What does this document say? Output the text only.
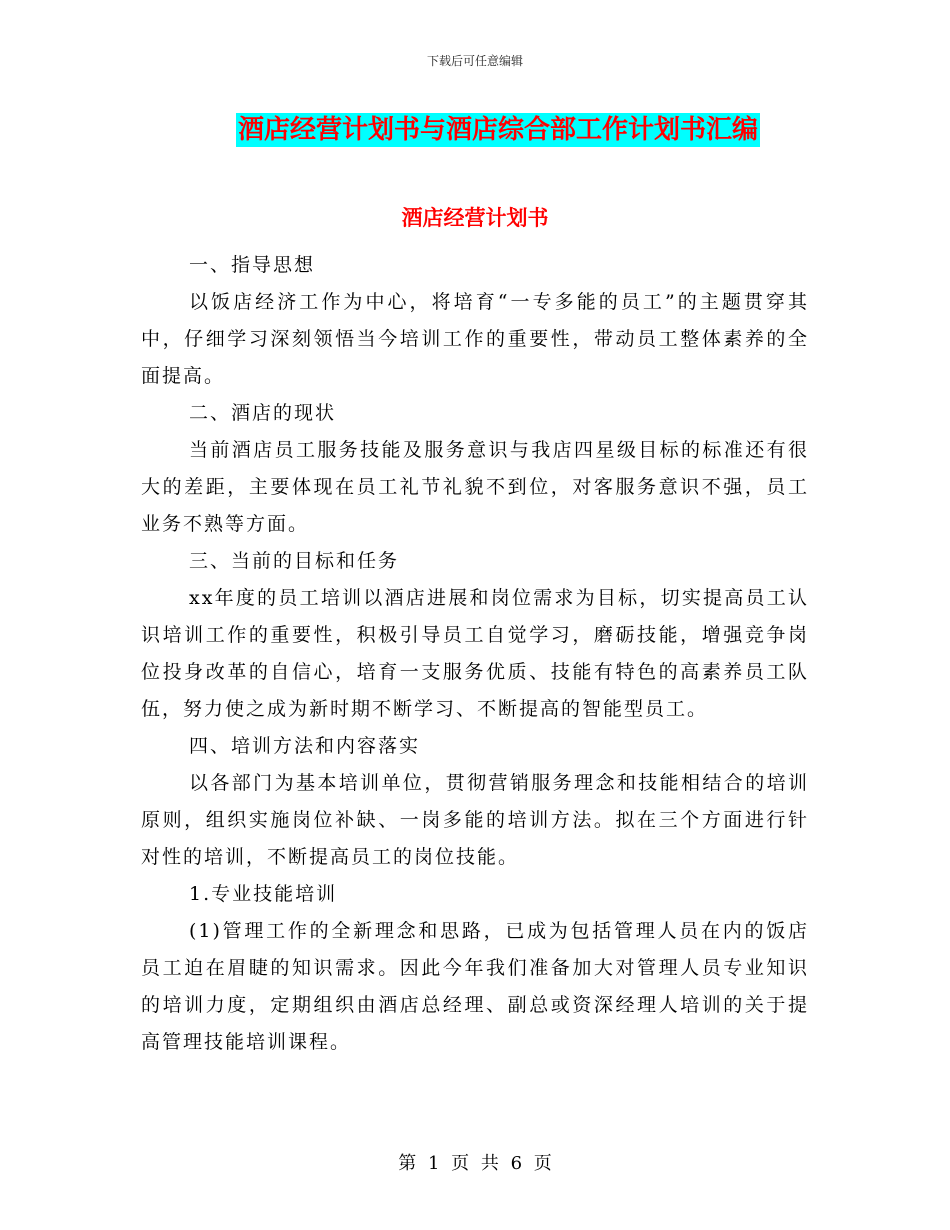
下载后可任意编辑
酒店经营计划书与酒店综合部工作计划书汇编
酒店经营计划书

一、指导思想

以饭店经济工作为中心，将培育“一专多能的员工”的主题贯穿其中，仔细学习深刻领悟当今培训工作的重要性，带动员工整体素养的全面提高。

二、酒店的现状

当前酒店员工服务技能及服务意识与我店四星级目标的标准还有很大的差距，主要体现在员工礼节礼貌不到位，对客服务意识不强，员工业务不熟等方面。

三、当前的目标和任务

xx年度的员工培训以酒店进展和岗位需求为目标，切实提高员工认识培训工作的重要性，积极引导员工自觉学习，磨砺技能，增强竞争岗位投身改革的自信心，培育一支服务优质、技能有特色的高素养员工队伍，努力使之成为新时期不断学习、不断提高的智能型员工。

四、培训方法和内容落实

以各部门为基本培训单位，贯彻营销服务理念和技能相结合的培训原则，组织实施岗位补缺、一岗多能的培训方法。拟在三个方面进行针对性的培训，不断提高员工的岗位技能。

1.专业技能培训

(1)管理工作的全新理念和思路，已成为包括管理人员在内的饭店员工迫在眉睫的知识需求。因此今年我们准备加大对管理人员专业知识的培训力度，定期组织由酒店总经理、副总或资深经理人培训的关于提高管理技能培训课程。

第 1 页 共 6 页
